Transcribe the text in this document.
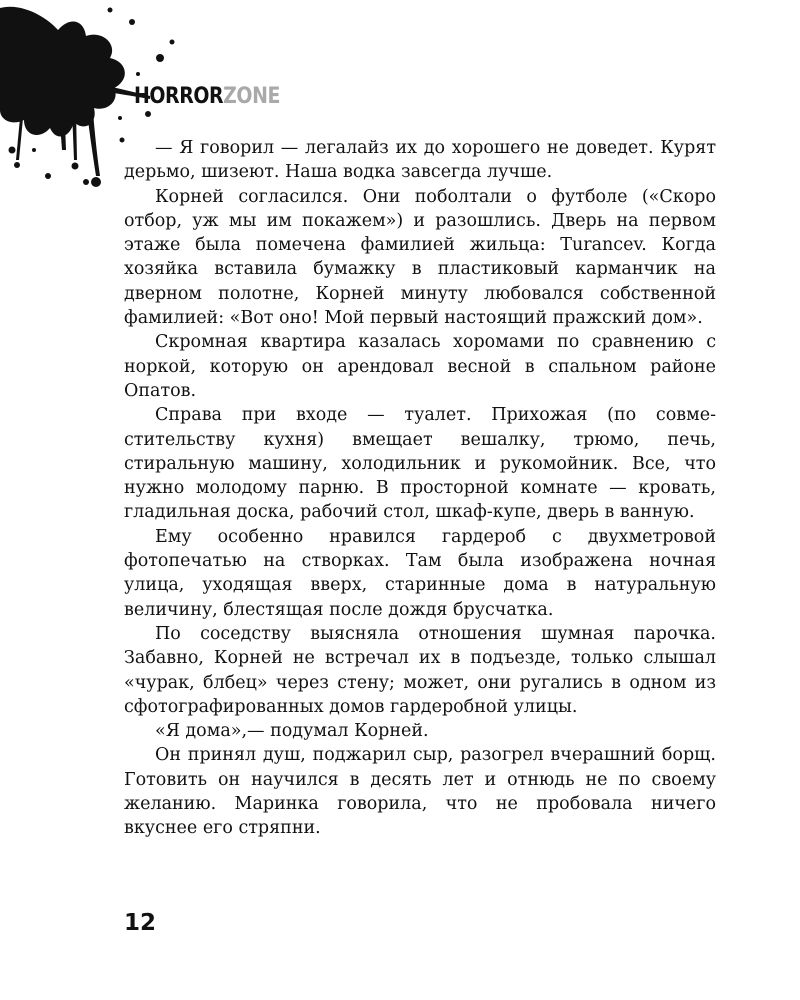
HORRORZONE

— Я говорил — легалайз их до хорошего не доведет. Курят дерьмо, шизеют. Наша водка завсегда лучше.

Корней согласился. Они поболтали о футболе («Скоро отбор, уж мы им покажем») и разошлись. Дверь на первом этаже была помечена фамилией жильца: Turancev. Когда хозяйка вставила бумажку в пластиковый карманчик на дверном полотне, Корней минуту любовался собственной фамилией: «Вот оно! Мой первый настоящий пражский дом».

Скромная квартира казалась хоромами по сравнению с норкой, которую он арендовал весной в спальном районе Опатов.

Справа при входе — туалет. Прихожая (по совместительству кухня) вмещает вешалку, трюмо, печь, стиральную машину, холодильник и рукомойник. Все, что нужно молодому парню. В просторной комнате — кровать, гладильная доска, рабочий стол, шкаф-купе, дверь в ванную.

Ему особенно нравился гардероб с двухметровой фотопечатью на створках. Там была изображена ночная улица, уходящая вверх, старинные дома в натуральную величину, блестящая после дождя брусчатка.

По соседству выясняла отношения шумная парочка. Забавно, Корней не встречал их в подъезде, только слышал «чурак, блбец» через стену; может, они ругались в одном из сфотографированных домов гардеробной улицы.

«Я дома»,— подумал Корней.

Он принял душ, поджарил сыр, разогрел вчерашний борщ. Готовить он научился в десять лет и отнюдь не по своему желанию. Маринка говорила, что не пробовала ничего вкуснее его стряпни.

12
